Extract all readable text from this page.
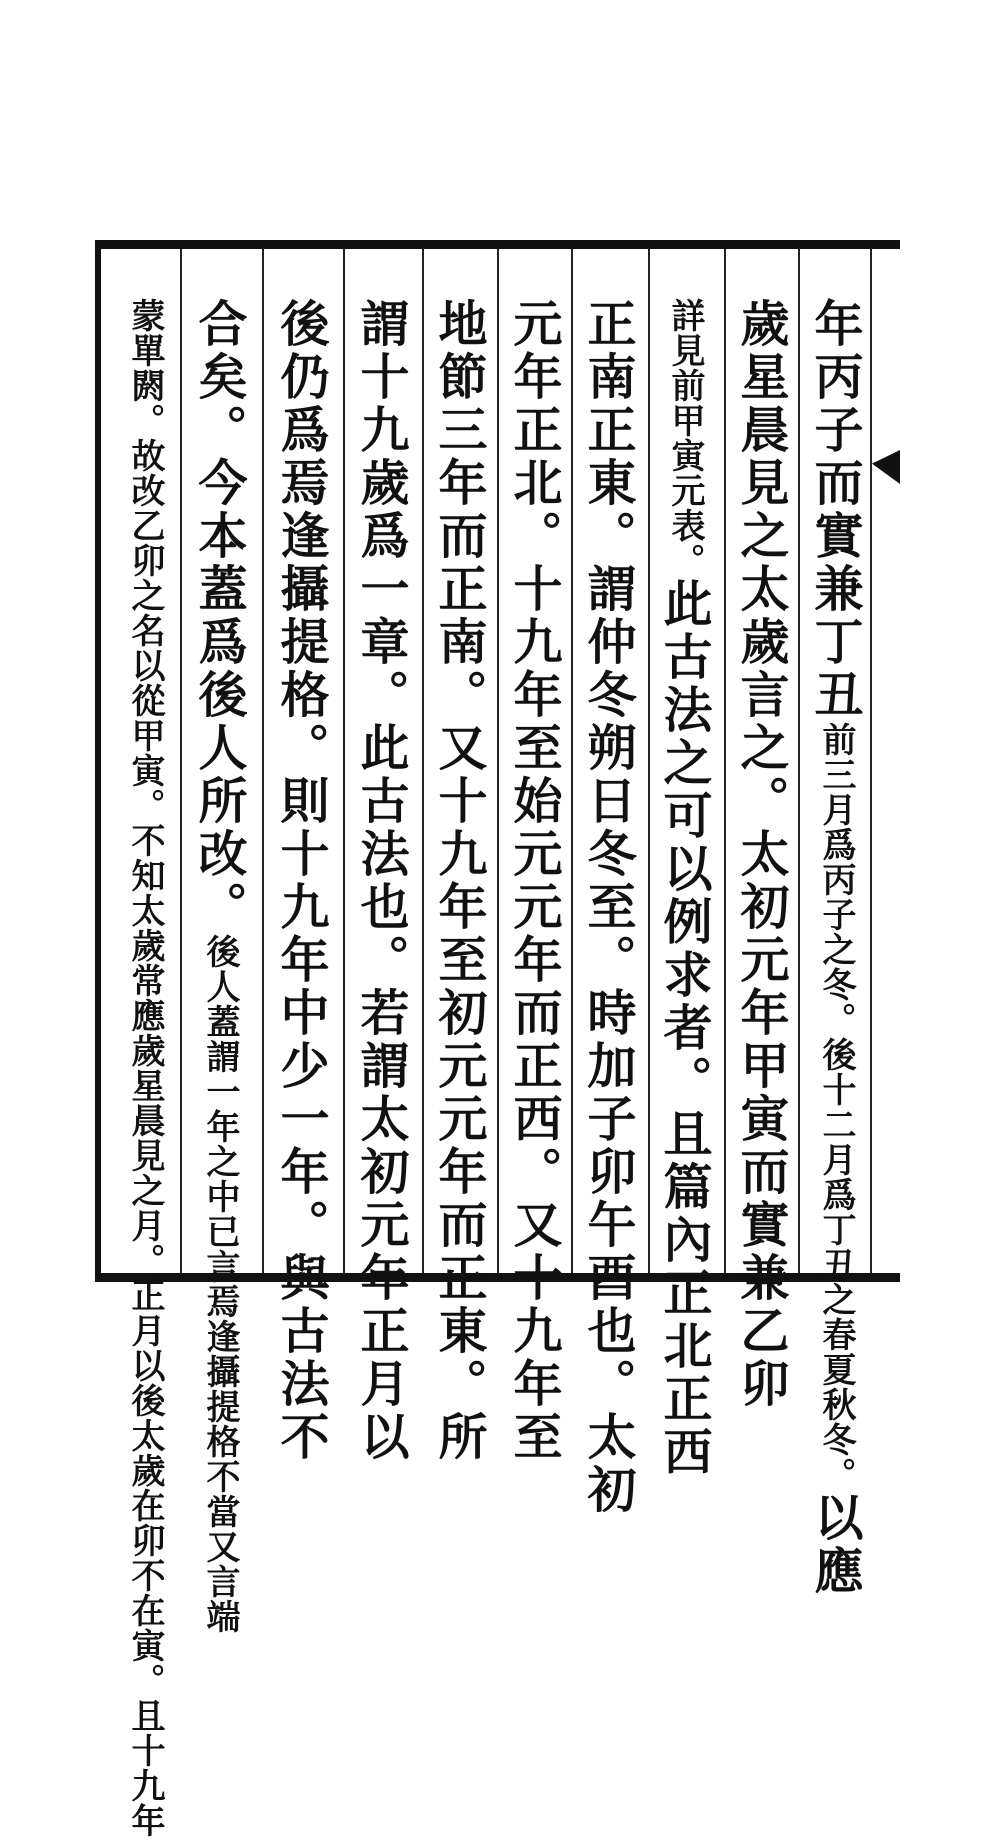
年丙子而實兼丁丑前三月爲丙子之冬。後十二月爲丁丑之春夏秋冬。以應
歲星晨見之太歲言之。太初元年甲寅而實兼乙卯
詳見前甲寅元表。此古法之可以例求者。且篇內正北正西
正南正東。謂仲冬朔日冬至。時加子卯午酉也。太初
元年正北。十九年至始元元年而正西。又十九年至
地節三年而正南。又十九年至初元元年而正東。所
謂十九歲爲一章。此古法也。若謂太初元年正月以
後仍爲焉逢攝提格。則十九年中少一年。與古法不
合矣。今本蓋爲後人所改。後人蓋謂一年之中已言焉逢攝提格不當又言端
蒙單閼。故改乙卯之名以從甲寅。不知太歲常應歲星晨見之月。正月以後太歲在卯不在寅。且十九年
